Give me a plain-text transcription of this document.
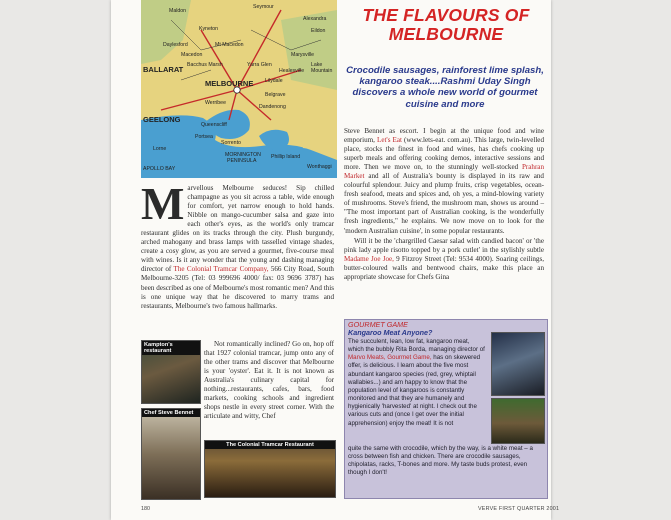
Seymour
Maldon
Kyneton
Alexandra
Eildon
Daylesford
Macedon
Mt Macedon
Marysville
Healesville
Lake
Mountain
BALLARAT	Yarra Glen
Lilydale
Belgrave
MELBOURNE
Bacchus Marsh
Werribee
Dandenong
GEELONG
Queenscliff
Portsea
Sorrento
Lorne
MORNINGTON
PENINSULA
Phillip Island
Wonthaggi
APOLLO BAY
THE FLAVOURS OF MELBOURNE
Crocodile sausages, rainforest lime splash, kangaroo steak....Rashmi Uday Singh discovers a whole new world of gourmet cuisine and more

Marvellous Melbourne seduces! Sip chilled champagne as you sit across a table, wide enough for comfort, yet narrow enough to hold hands. Nibble on mango-cucumber salsa and gaze into each other's eyes, as the world's only tramcar restaurant glides on its tracks through the city. Plush burgundy, arched mahogany and brass lamps with tasselled vintage shades, create a cosy glow, as you are served a gourmet, five-course meal with wines. Is it any wonder that the young and dashing managing director of The Colonial Tramcar Company, 566 City Road, South Melbourne-3205 (Tel: 03 999696 4000/ fax: 03 9696 3787) has been described as one of Melbourne's most romantic men? And this is one unique way that he discovered to marry trams and restaurants, Melbourne's two famous hallmarks.

Not romantically inclined? Go on, hop off that 1927 colonial tramcar, jump onto any of the other trams and discover that Melbourne is your 'oyster'. Eat it. It is not known as Australia's culinary capital for nothing...restaurants, cafes, bars, food markets, cooking schools and ingredient shops nestle in every street corner. With the articulate and witty, Chef

Kampton's restaurant
Chef Steve Bennet
The Colonial Tramcar Restaurant

Steve Bennet as escort. I begin at the unique food and wine emporium, Let's Eat (www.lets-eat. com.au). This large, twin-levelled place, stocks the finest in food and wines, has chefs cooking up superb meals and offering cooking demos, interactive sessions and more. Then we move on, to the stunningly well-stocked Prahran Market and all of Australia's bounty is displayed in its raw and colourful splendour. Juicy and plump fruits, crisp vegetables, ocean-fresh seafood, meats and spices and, oh yes, a mind-blowing variety of mushrooms. Steve's friend, the mushroom man, shows us around – "The most important part of Australian cooking, is the wonderfully fresh ingredients," he explains. We now move on to look for the 'modern Australian cuisine', in some popular restaurants.

Will it be the 'chargrilled Caesar salad with candied bacon' or 'the pink lady apple risotto topped by a pork cutlet' in the stylishly subtle Madame Joe Joe, 9 Fitzroy Street (Tel: 9534 4000). Soaring ceilings, butter-coloured walls and bentwood chairs, make this place an appropriate showcase for Chefs Gina

GOURMET GAME
Kangaroo Meat Anyone?
The succulent, lean, low fat, kangaroo meat, which the bubbly Rita Borda, managing director of Marvo Meats, Gourmet Game, has on skewered offer, is delicious. I learn about the five most abundant kangaroo species (red, grey, whiptail wallabies...) and am happy to know that the population level of kangaroos is constantly monitored and that they are humanely and hygienically 'harvested' at night. I check out the various cuts and (once I get over the initial apprehension) enjoy the meat! It is not
quite the same with crocodile, which by the way, is a white meat – a cross between fish and chicken. There are crocodile sausages, chipolatas, racks, T-bones and more. My taste buds protest, even though I don't!
180	VERVE FIRST QUARTER 2001
